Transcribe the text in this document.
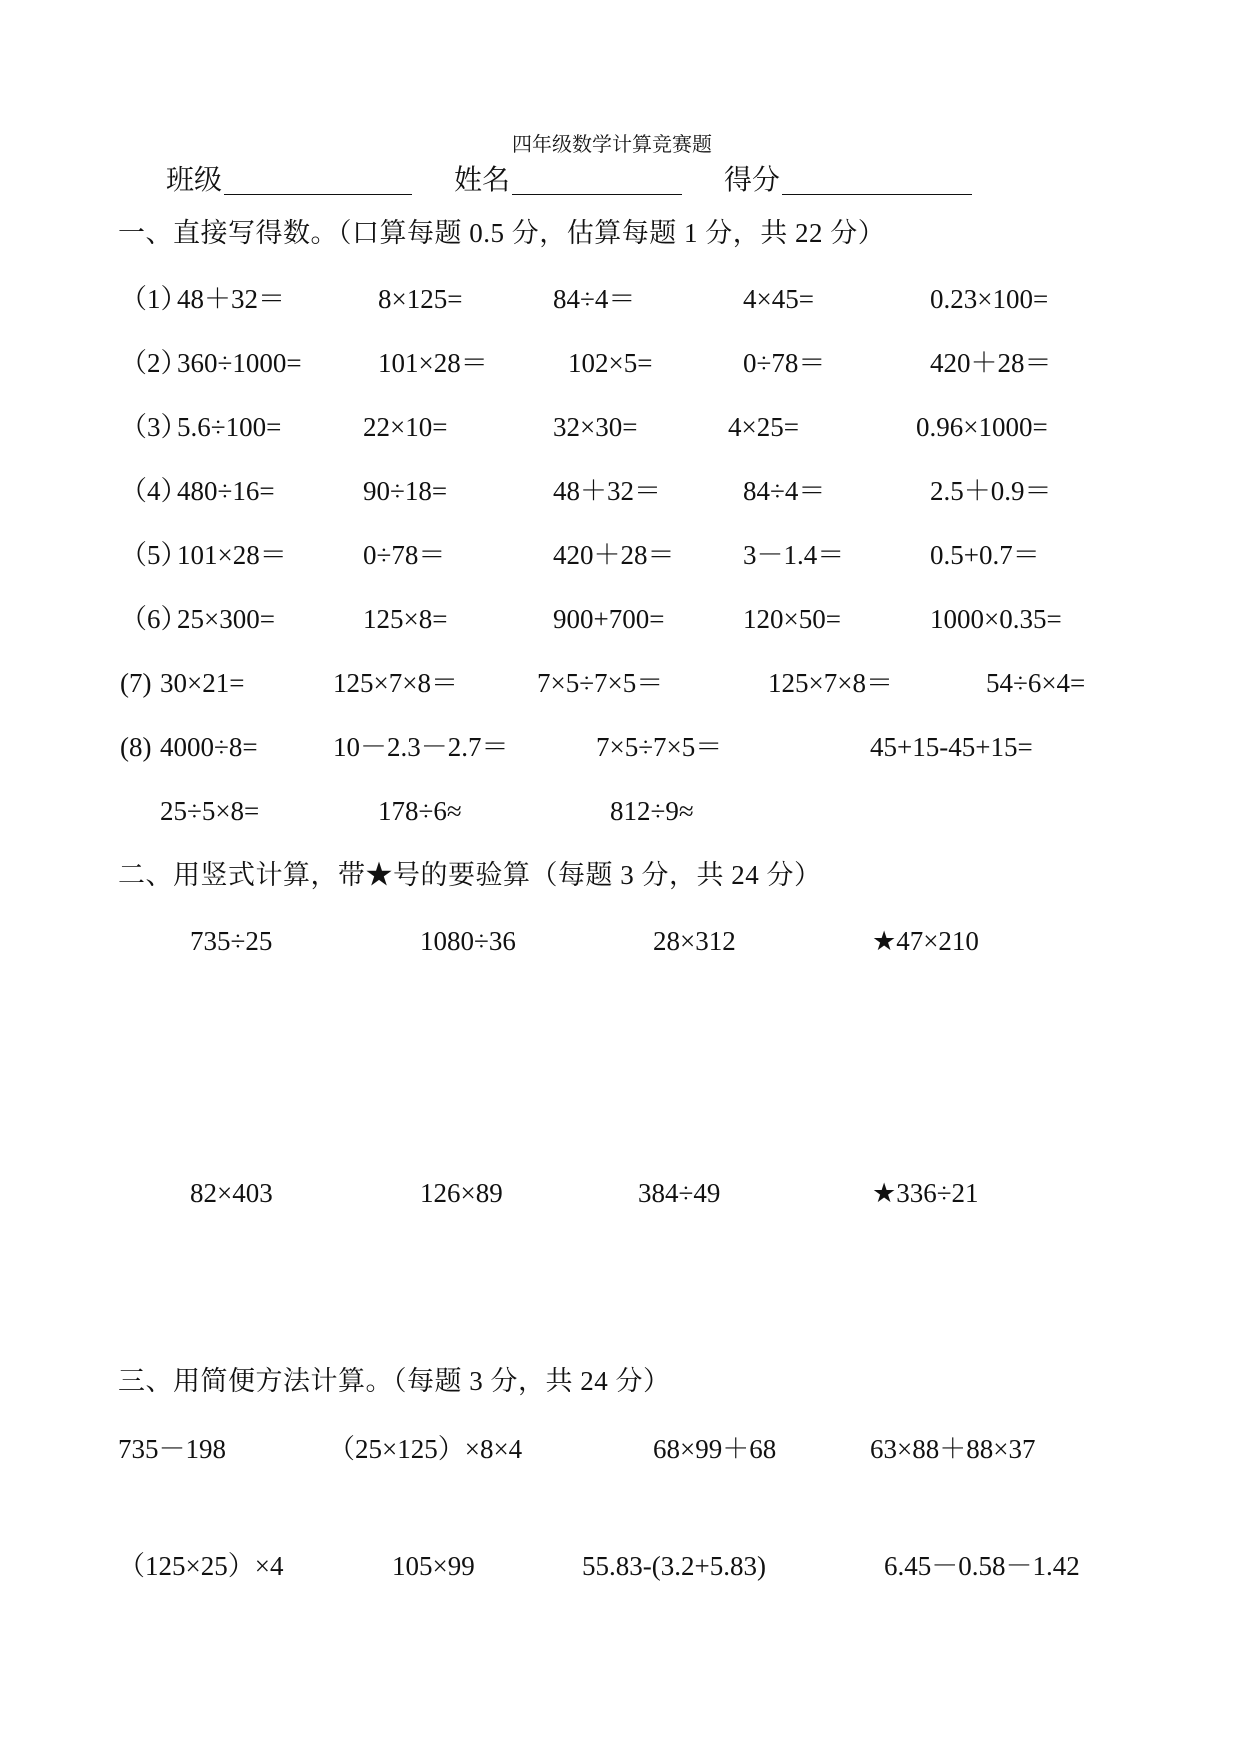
四年级数学计算竞赛题
班级	姓名	得分
一、直接写得数。（口算每题 0.5 分，估算每题 1 分，共 22 分）
（1）
48＋32＝	8×125=	84÷4＝	4×45=	0.23×100=
（2）
360÷1000=	101×28＝	102×5=	0÷78＝	420＋28＝
（3）
5.6÷100=	22×10=	32×30=	4×25=	0.96×1000=
（4）
480÷16=	90÷18=	48＋32＝	84÷4＝	2.5＋0.9＝
（5）
101×28＝	0÷78＝	420＋28＝	3－1.4＝	0.5+0.7＝
（6）
25×300=	125×8=	900+700=	120×50=	1000×0.35=
(7) 30×21=	125×7×8＝	7×5÷7×5＝	125×7×8＝	54÷6×4=
(8) 4000÷8=	10－2.3－2.7＝	7×5÷7×5＝	45+15-45+15=
25÷5×8=	178÷6≈	812÷9≈
二、用竖式计算，带★号的要验算（每题 3 分，共 24 分）
735÷25	1080÷36	28×312	★47×210
82×403	126×89	384÷49	★336÷21
三、用简便方法计算。（每题 3 分，共 24 分）
735－198	（25×125）×8×4	68×99＋68	63×88＋88×37
（125×25）×4	105×99	55.83-(3.2+5.83)	6.45－0.58－1.42
